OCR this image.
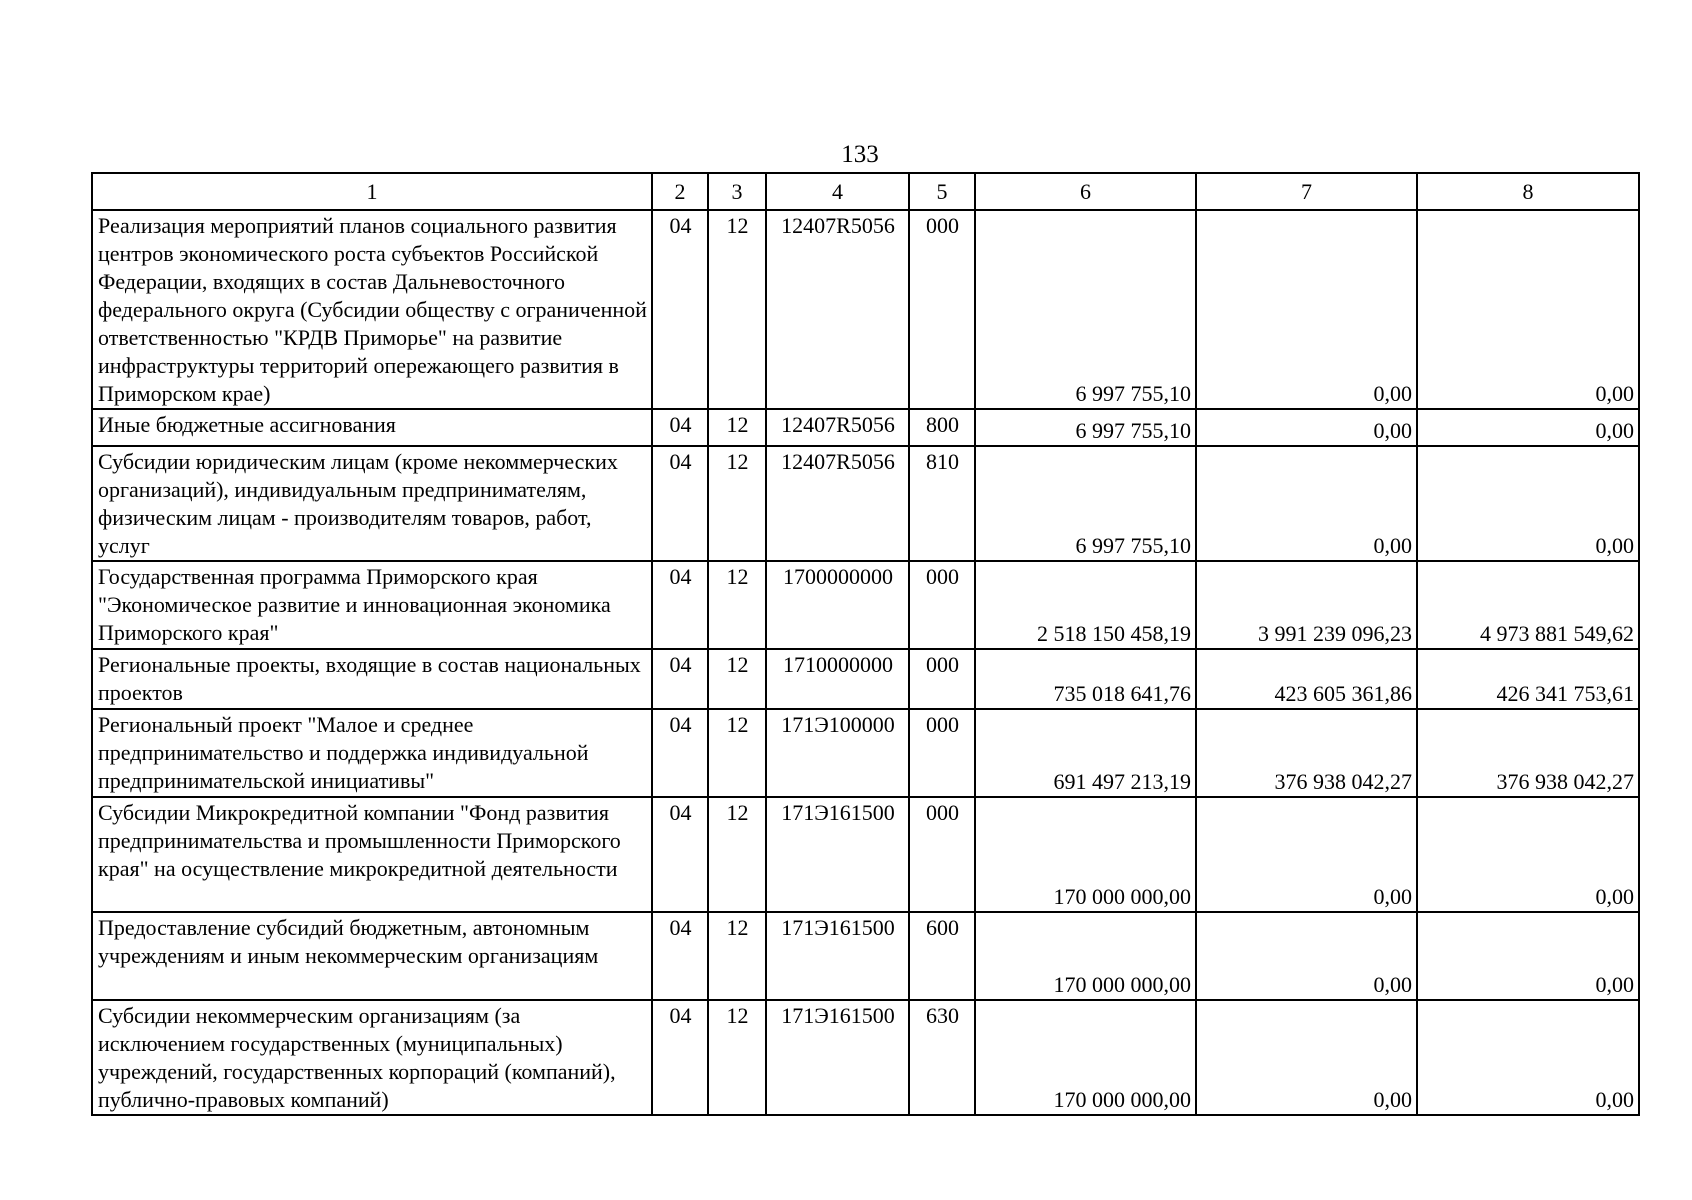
133
1	2	3	4	5	6	7	8
Реализация мероприятий планов социального развития центров экономического роста субъектов Российской Федерации, входящих в состав Дальневосточного федерального округа (Субсидии обществу с ограниченной ответственностью "КРДВ Приморье" на развитие инфраструктуры территорий опережающего развития в Приморском крае)	04	12	12407R5056	000	6 997 755,10	0,00	0,00
Иные бюджетные ассигнования	04	12	12407R5056	800	6 997 755,10	0,00	0,00
Субсидии юридическим лицам (кроме некоммерческих организаций), индивидуальным предпринимателям, физическим лицам - производителям товаров, работ, услуг	04	12	12407R5056	810	6 997 755,10	0,00	0,00
Государственная программа Приморского края "Экономическое развитие и инновационная экономика Приморского края"	04	12	1700000000	000	2 518 150 458,19	3 991 239 096,23	4 973 881 549,62
Региональные проекты, входящие в состав национальных проектов	04	12	1710000000	000	735 018 641,76	423 605 361,86	426 341 753,61
Региональный проект "Малое и среднее предпринимательство и поддержка индивидуальной предпринимательской инициативы"	04	12	171Э100000	000	691 497 213,19	376 938 042,27	376 938 042,27
Субсидии Микрокредитной компании "Фонд развития предпринимательства и промышленности Приморского края" на осуществление микрокредитной деятельности	04	12	171Э161500	000	170 000 000,00	0,00	0,00
Предоставление субсидий бюджетным, автономным учреждениям и иным некоммерческим организациям	04	12	171Э161500	600	170 000 000,00	0,00	0,00
Субсидии некоммерческим организациям (за исключением государственных (муниципальных) учреждений, государственных корпораций (компаний), публично-правовых компаний)	04	12	171Э161500	630	170 000 000,00	0,00	0,00
